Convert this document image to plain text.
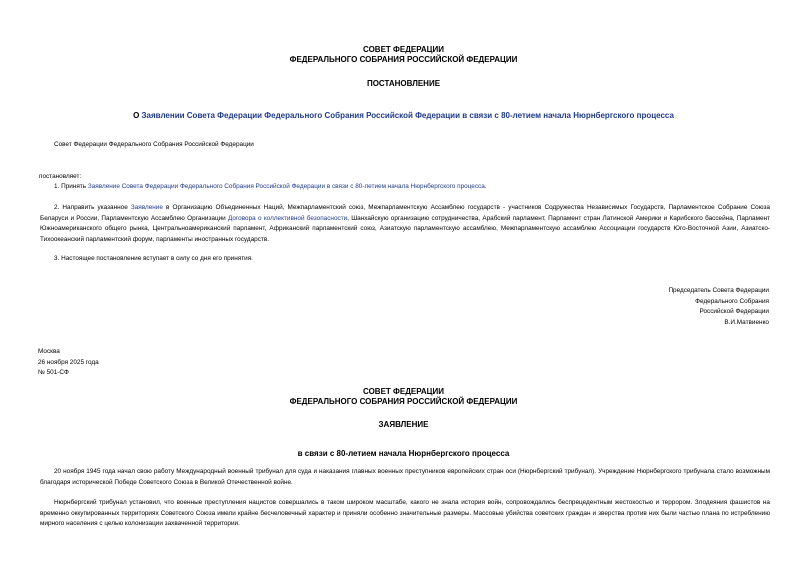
СОВЕТ ФЕДЕРАЦИИ
ФЕДЕРАЛЬНОГО СОБРАНИЯ РОССИЙСКОЙ ФЕДЕРАЦИИ
ПОСТАНОВЛЕНИЕ
О Заявлении Совета Федерации Федерального Собрания Российской Федерации в связи с 80-летием начала Нюрнбергского процесса
Совет Федерации Федерального Собрания Российской Федерации
постановляет:
1. Принять Заявление Совета Федерации Федерального Собрания Российской Федерации в связи с 80-летием начала Нюрнбергского процесса.
2. Направить указанное Заявление в Организацию Объединенных Наций, Межпарламентский союз, Межпарламентскую Ассамблею государств - участников Содружества Независимых Государств, Парламентское Собрание Союза Беларуси и России, Парламентскую Ассамблею Организации Договора о коллективной безопасности, Шанхайскую организацию сотрудничества, Арабский парламент, Парламент стран Латинской Америки и Карибского бассейна, Парламент Южноамериканского общего рынка, Центральноамериканский парламент, Африканский парламентский союз, Азиатскую парламентскую ассамблею, Межпарламентскую ассамблею Ассоциации государств Юго-Восточной Азии, Азиатско-Тихоокеанский парламентский форум, парламенты иностранных государств.
3. Настоящее постановление вступает в силу со дня его принятия.
Председатель Совета Федерации
Федерального Собрания
Российской Федерации
В.И.Матвиенко
Москва
26 ноября 2025 года
№ 501-СФ
СОВЕТ ФЕДЕРАЦИИ
ФЕДЕРАЛЬНОГО СОБРАНИЯ РОССИЙСКОЙ ФЕДЕРАЦИИ
ЗАЯВЛЕНИЕ
в связи с 80-летием начала Нюрнбергского процесса
20 ноября 1945 года начал свою работу Международный военный трибунал для суда и наказания главных военных преступников европейских стран оси (Нюрнбергский трибунал). Учреждение Нюрнбергского трибунала стало возможным благодаря исторической Победе Советского Союза в Великой Отечественной войне.
Нюрнбергский трибунал установил, что военные преступления нацистов совершались в таком широком масштабе, какого не знала история войн, сопровождались беспрецедентным жестокостью и террором. Злодеяния фашистов на временно оккупированных территориях Советского Союза имели крайне бесчеловечный характер и приняли особенно значительные размеры. Массовые убийства советских граждан и зверства против них были частью плана по истреблению мирного населения с целью колонизации захваченной территории.
